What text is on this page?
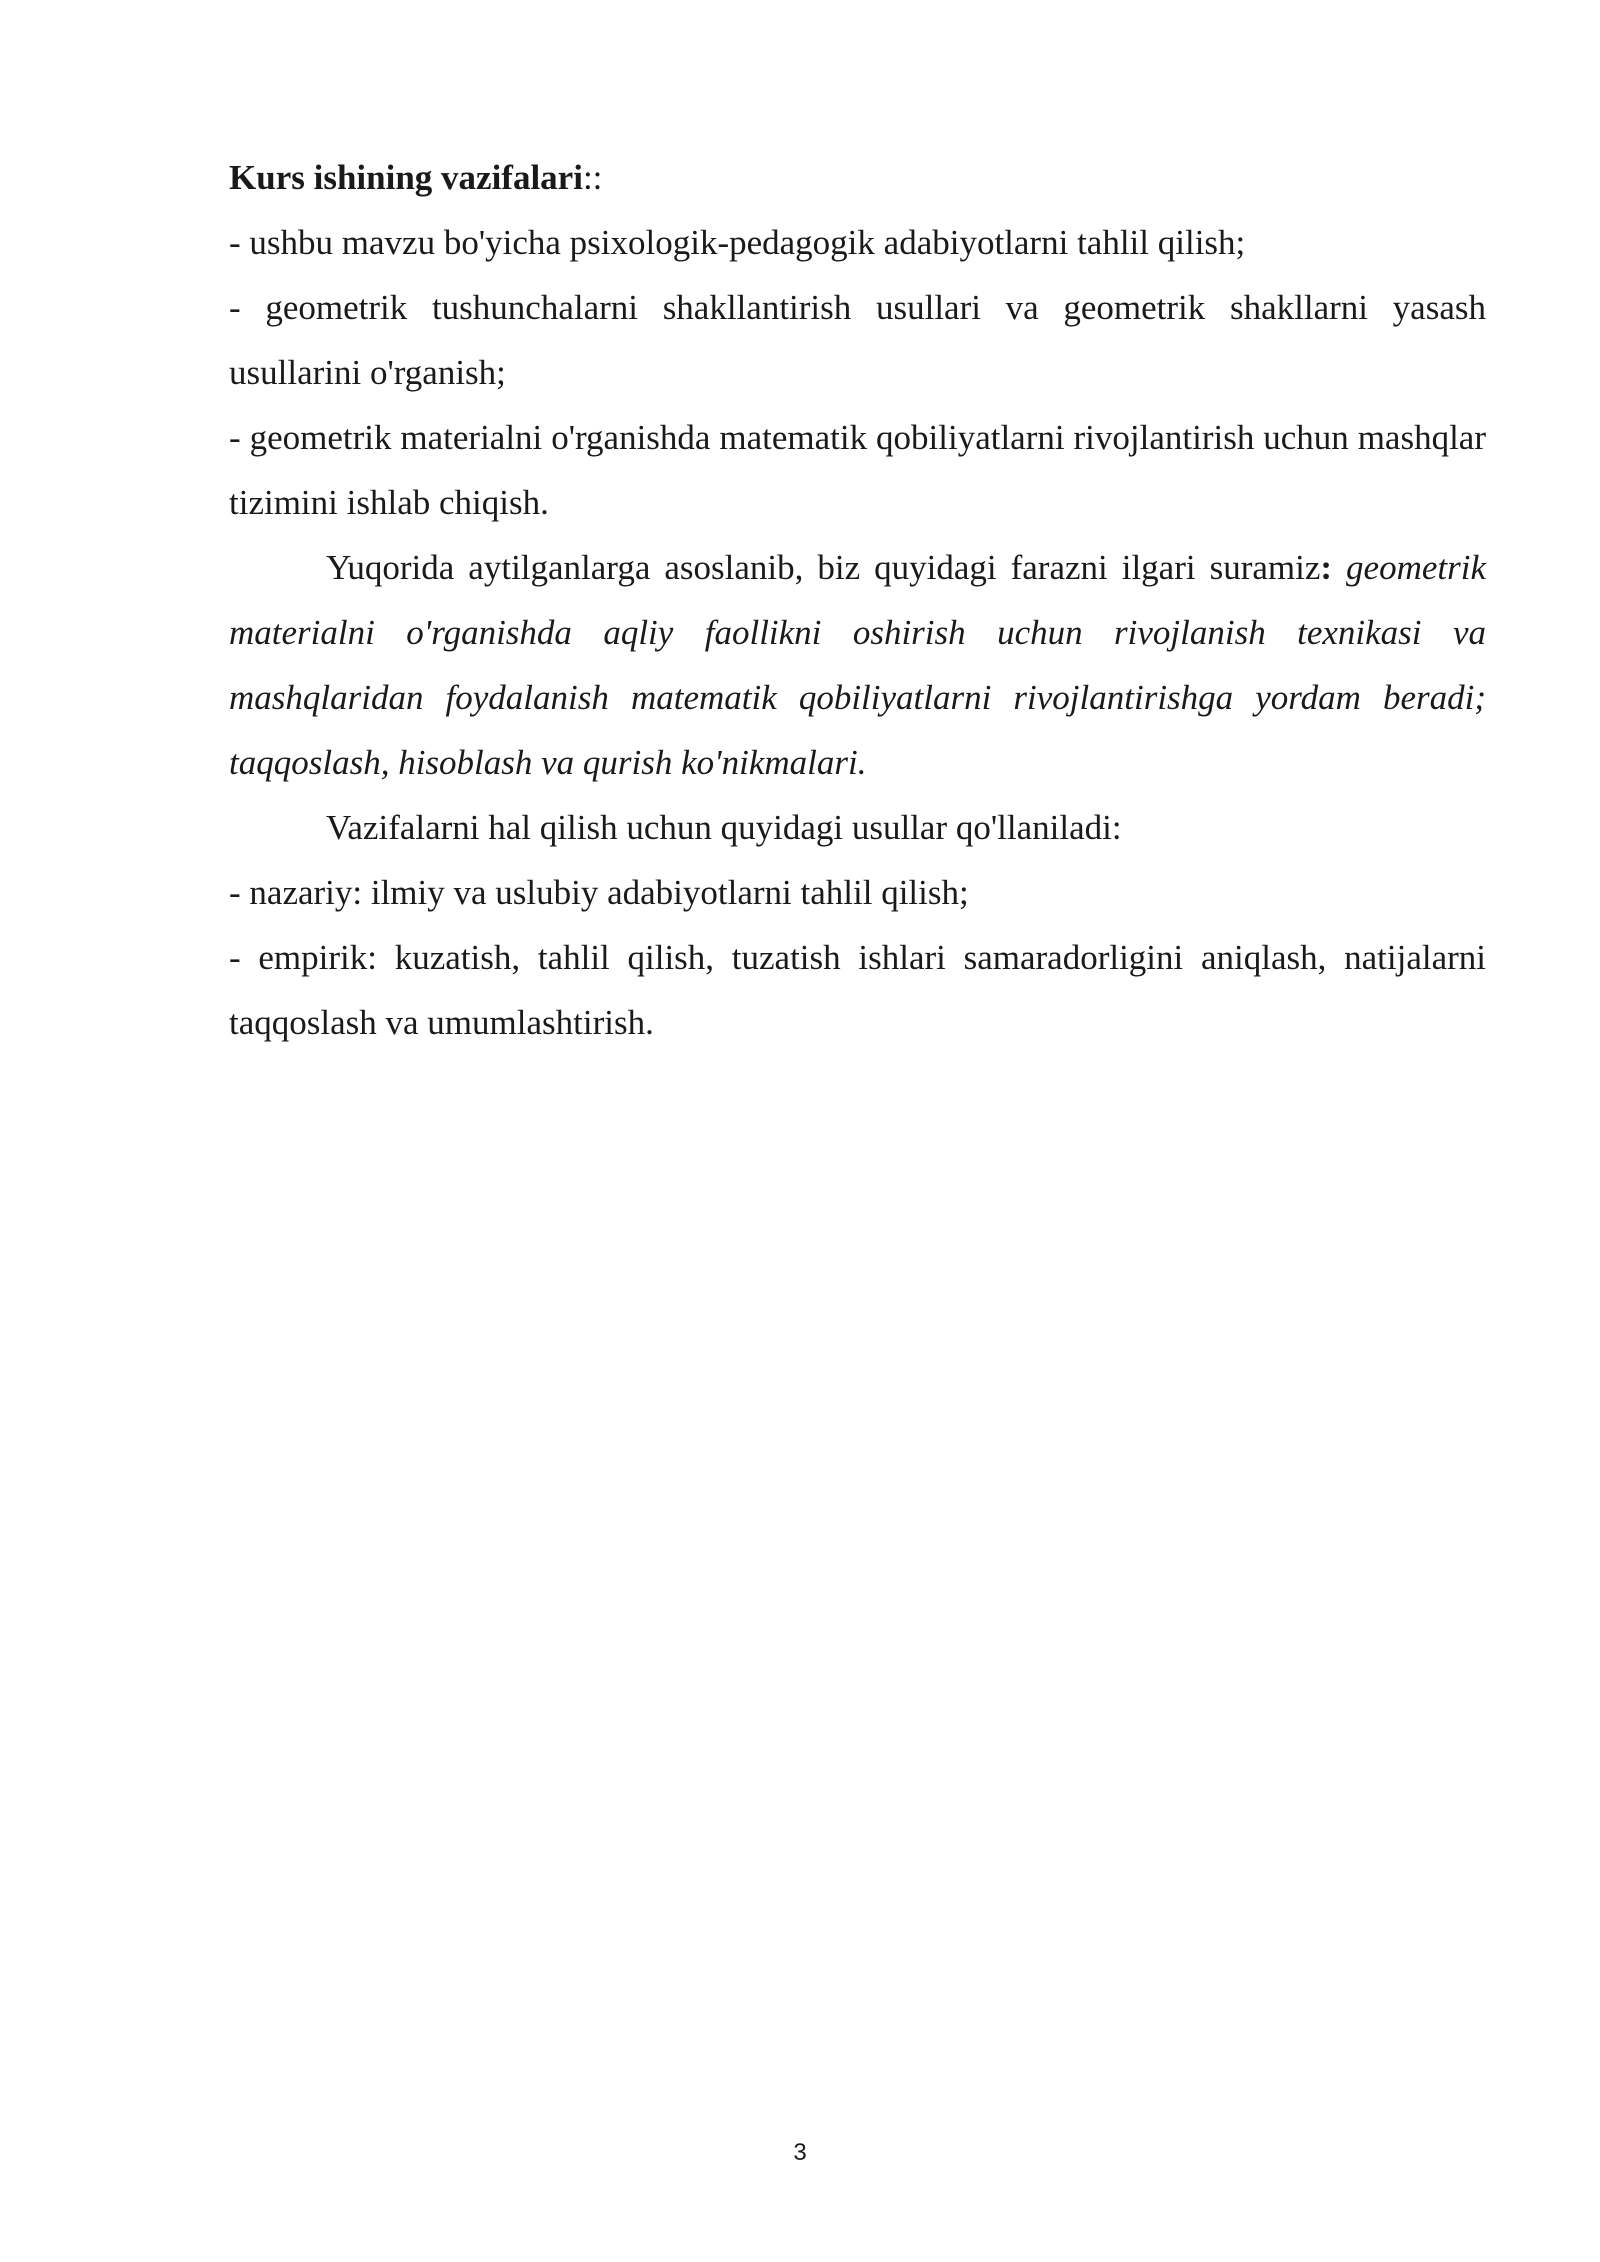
Kurs ishining vazifalari::

- ushbu mavzu bo'yicha psixologik-pedagogik adabiyotlarni tahlil qilish;

- geometrik tushunchalarni shakllantirish usullari va geometrik shakllarni yasash usullarini o'rganish;

- geometrik materialni o'rganishda matematik qobiliyatlarni rivojlantirish uchun mashqlar tizimini ishlab chiqish.

Yuqorida aytilganlarga asoslanib, biz quyidagi farazni ilgari suramiz: geometrik materialni o'rganishda aqliy faollikni oshirish uchun rivojlanish texnikasi va mashqlaridan foydalanish matematik qobiliyatlarni rivojlantirishga yordam beradi; taqqoslash, hisoblash va qurish ko'nikmalari.

Vazifalarni hal qilish uchun quyidagi usullar qo'llaniladi:

- nazariy: ilmiy va uslubiy adabiyotlarni tahlil qilish;

- empirik: kuzatish, tahlil qilish, tuzatish ishlari samaradorligini aniqlash, natijalarni taqqoslash va umumlashtirish.

3
